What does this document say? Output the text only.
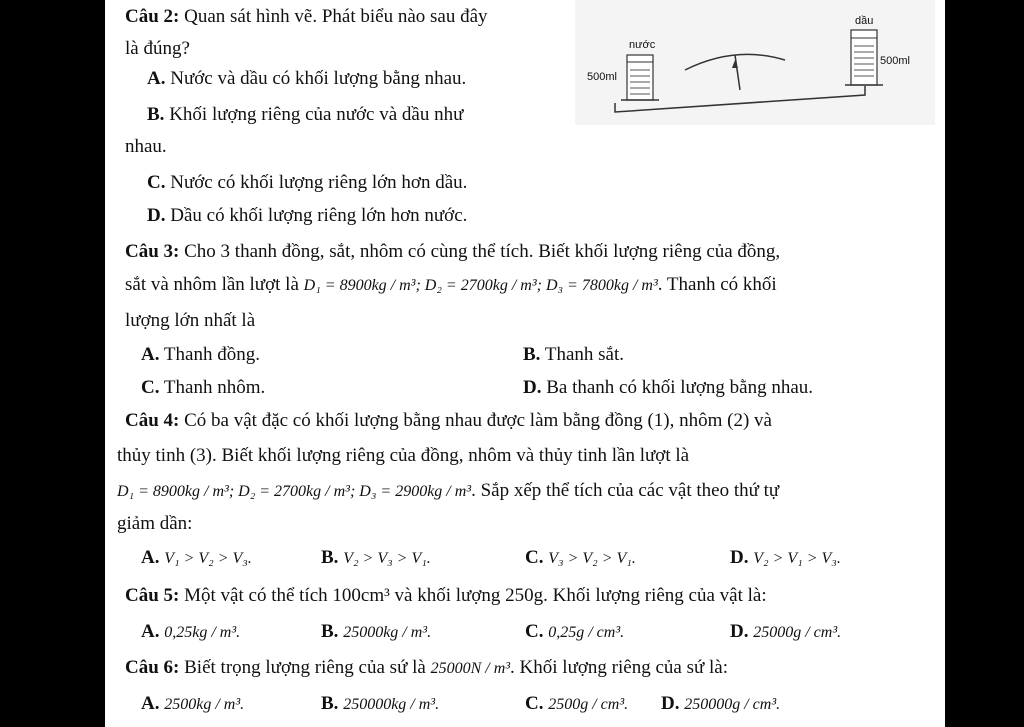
Câu 2: Quan sát hình vẽ. Phát biểu nào sau đây
là đúng?
A. Nước và dầu có khối lượng bằng nhau.
B. Khối lượng riêng của nước và dầu như
nhau.
C. Nước có khối lượng riêng lớn hơn dầu.
D. Dầu có khối lượng riêng lớn hơn nước.
dầu
nước
500ml
500ml
Câu 3: Cho 3 thanh đồng, sắt, nhôm có cùng thể tích. Biết khối lượng riêng của đồng,
sắt và nhôm lần lượt là D₁ = 8900kg / m³; D₂ = 2700kg / m³; D₃ = 7800kg / m³. Thanh có khối
lượng lớn nhất là
A. Thanh đồng.	B. Thanh sắt.
C. Thanh nhôm.	D. Ba thanh có khối lượng bằng nhau.
Câu 4: Có ba vật đặc có khối lượng bằng nhau được làm bằng đồng (1), nhôm (2) và
thủy tinh (3). Biết khối lượng riêng của đồng, nhôm và thủy tinh lần lượt là
D₁ = 8900kg / m³; D₂ = 2700kg / m³; D₃ = 2900kg / m³. Sắp xếp thể tích của các vật theo thứ tự
giảm dần:
A. V₁ > V₂ > V₃.	B. V₂ > V₃ > V₁.	C. V₃ > V₂ > V₁.	D. V₂ > V₁ > V₃.
Câu 5: Một vật có thể tích 100cm³ và khối lượng 250g. Khối lượng riêng của vật là:
A. 0,25kg / m³.	B. 25000kg / m³.	C. 0,25g / cm³.	D. 25000g / cm³.
Câu 6: Biết trọng lượng riêng của sứ là 25000N / m³. Khối lượng riêng của sứ là:
A. 2500kg / m³.	B. 250000kg / m³.	C. 2500g / cm³. D. 250000g / cm³.
